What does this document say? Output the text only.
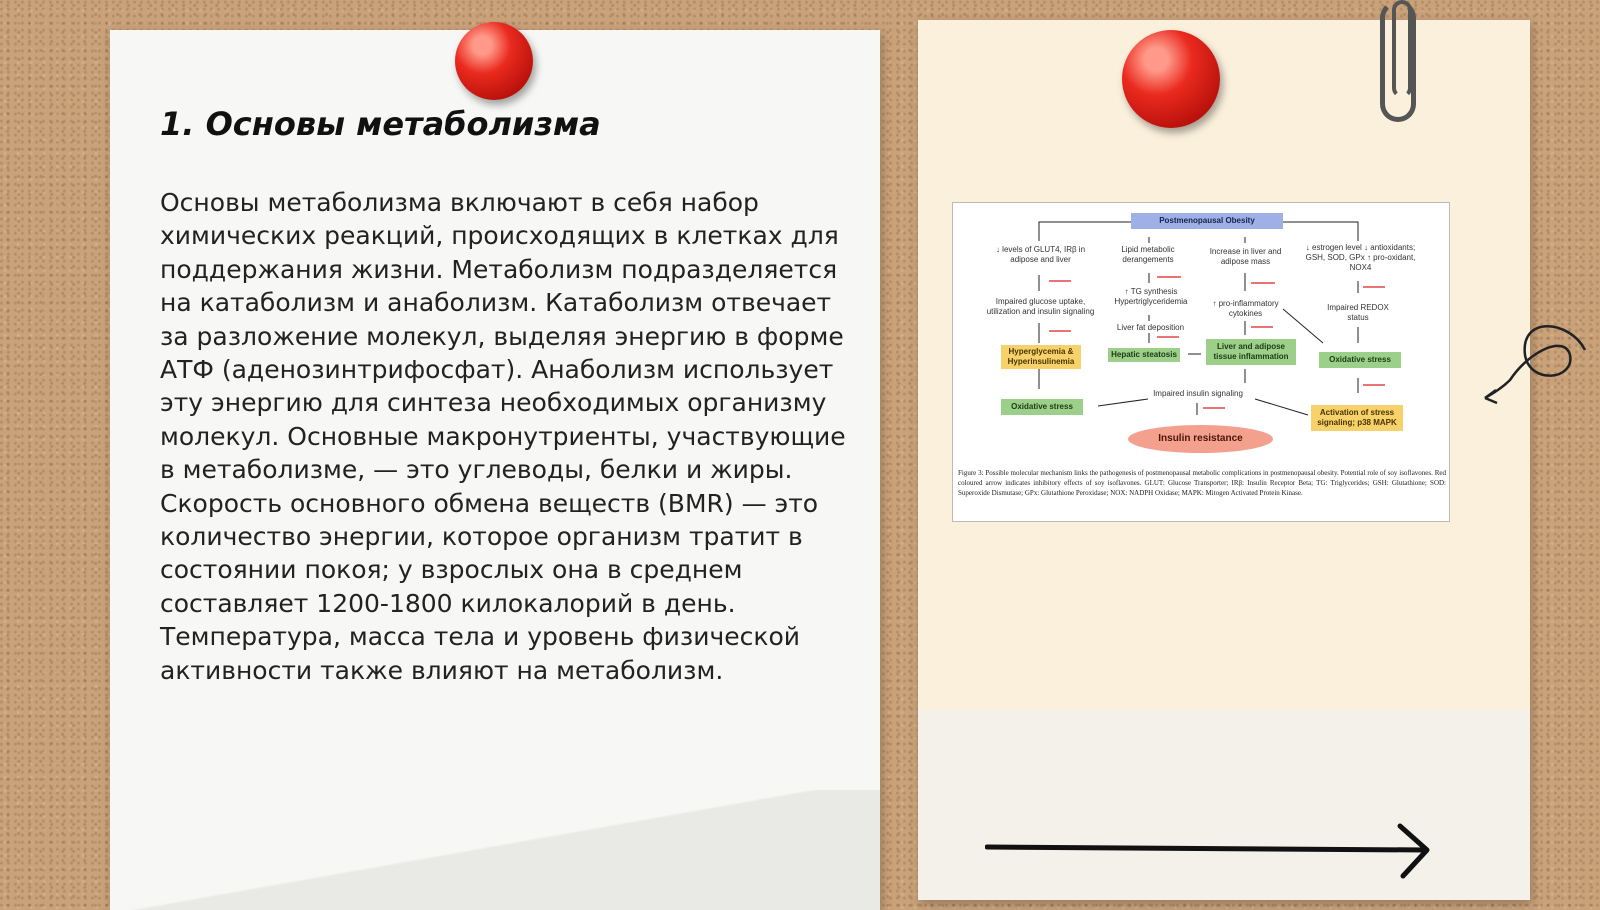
1. Основы метаболизма
Основы метаболизма включают в себя набор химических реакций, происходящих в клетках для поддержания жизни. Метаболизм подразделяется на катаболизм и анаболизм. Катаболизм отвечает за разложение молекул, выделяя энергию в форме АТФ (аденозинтрифосфат). Анаболизм использует эту энергию для синтеза необходимых организму молекул. Основные макронутриенты, участвующие в метаболизме, — это углеводы, белки и жиры. Скорость основного обмена веществ (BMR) — это количество энергии, которое организм тратит в состоянии покоя; у взрослых она в среднем составляет 1200-1800 килокалорий в день. Температура, масса тела и уровень физической активности также влияют на метаболизм.
Postmenopausal Obesity
↓ levels of GLUT4, IRβ in adipose and liver
Lipid metabolic derangements
Increase in liver and adipose mass
↓ estrogen level ↓ antioxidants; GSH, SOD, GPx ↑ pro-oxidant, NOX4
Impaired glucose uptake, utilization and insulin signaling
↑ TG synthesis Hypertriglyceridemia
Liver fat deposition
↑ pro-inflammatory cytokines
Impaired REDOX status
Hyperglycemia & Hyperinsulinemia
Hepatic steatosis
Liver and adipose tissue inflammation	Oxidative stress
Oxidative stress
Impaired insulin signaling
Activation of stress signaling; p38 MAPK
Insulin resistance
Figure 3: Possible molecular mechanism links the pathogenesis of postmenopausal metabolic complications in postmenopausal obesity. Potential role of soy isoflavones. Red coloured arrow indicates inhibitory effects of soy isoflavones. GLUT: Glucose Transporter; IRβ: Insulin Receptor Beta; TG: Triglycerides; GSH: Glutathione; SOD: Superoxide Dismutase; GPx: Glutathione Peroxidase; NOX: NADPH Oxidase; MAPK: Mitogen Activated Protein Kinase.
